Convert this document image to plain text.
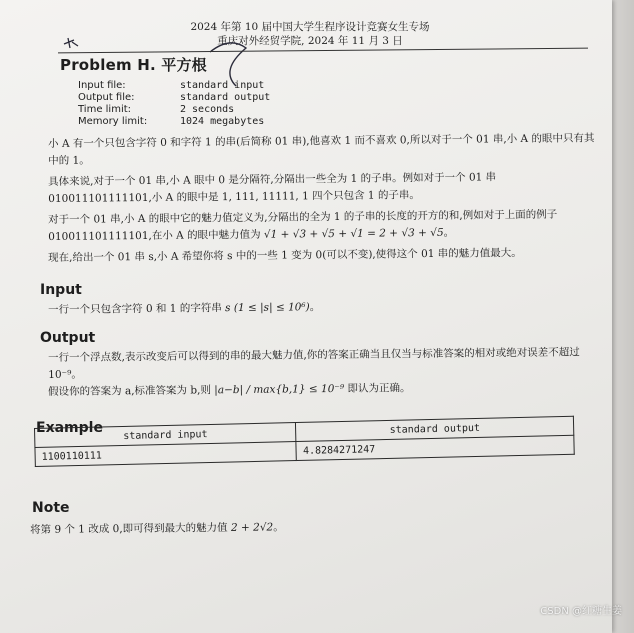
2024 年第 10 届中国大学生程序设计竞赛女生专场
重庆对外经贸学院, 2024 年 11 月 3 日
Problem H. 平方根
Input file:	standard input
Output file:	standard output
Time limit:	2 seconds
Memory limit:	1024 megabytes
小 A 有一个只包含字符 0 和字符 1 的串(后简称 01 串),他喜欢 1 而不喜欢 0,所以对于一个 01 串,小 A 的眼中只有其中的 1。
具体来说,对于一个 01 串,小 A 眼中 0 是分隔符,分隔出一些全为 1 的子串。例如对于一个 01 串 010011101111101,小 A 的眼中是 1, 111, 11111, 1 四个只包含 1 的子串。
对于一个 01 串,小 A 的眼中它的魅力值定义为,分隔出的全为 1 的子串的长度的开方的和,例如对于上面的例子 010011101111101,在小 A 的眼中魅力值为 √1 + √3 + √5 + √1 = 2 + √3 + √5。
现在,给出一个 01 串 s,小 A 希望你将 s 中的一些 1 变为 0(可以不变),使得这个 01 串的魅力值最大。
Input
一行一个只包含字符 0 和 1 的字符串 s (1 ≤ |s| ≤ 10⁶)。
Output
一行一个浮点数,表示改变后可以得到的串的最大魅力值,你的答案正确当且仅当与标准答案的相对或绝对误差不超过 10⁻⁹。
假设你的答案为 a,标准答案为 b,则 |a−b| / max{b,1} ≤ 10⁻⁹ 即认为正确。
Example standard input	standard output
1100110111	4.8284271247
Note
将第 9 个 1 改成 0,即可得到最大的魅力值 2 + 2√2。
CSDN @红糖生姜
